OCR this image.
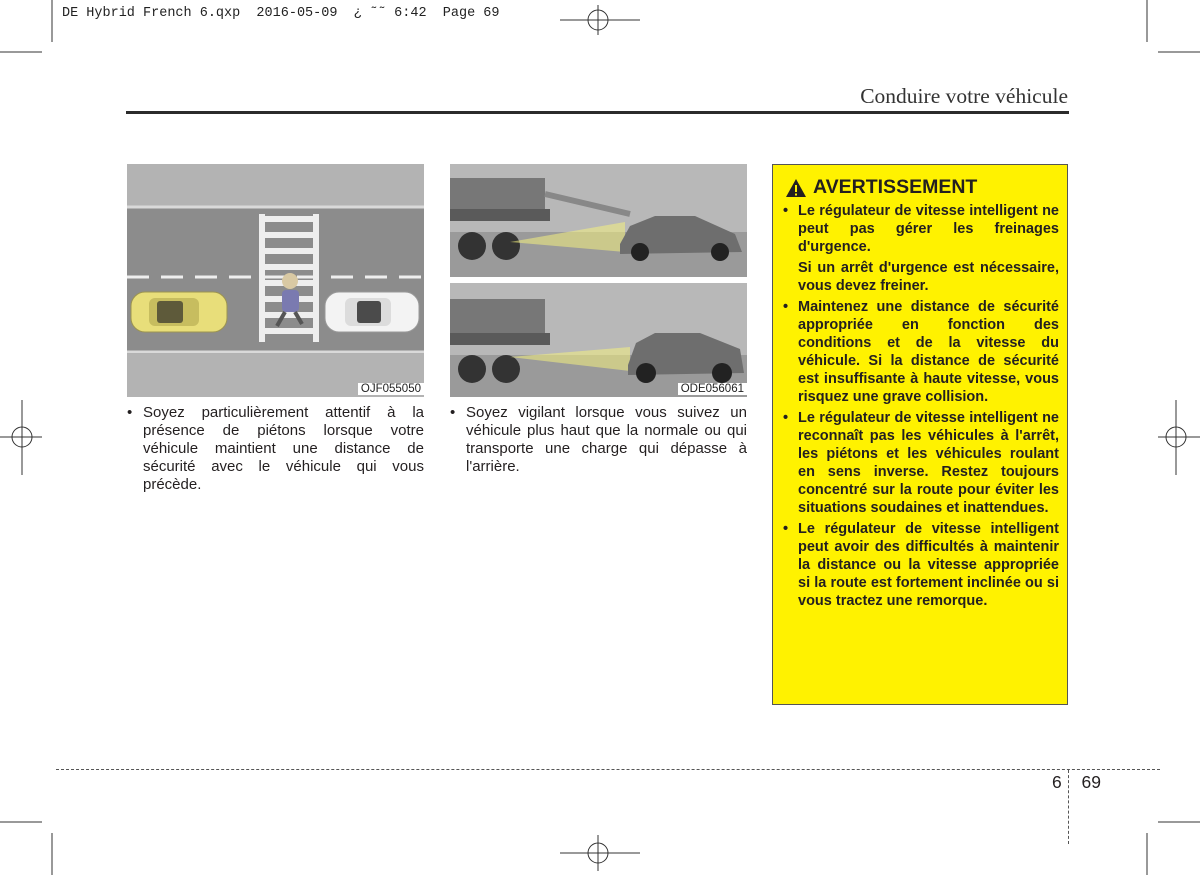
DE Hybrid French 6.qxp  2016-05-09  ¿ ˜˜ 6:42  Page 69
Conduire votre véhicule
OJF055050	ODE056061
• Soyez particulièrement attentif à la présence de piétons lorsque votre véhicule maintient une distance de sécurité avec le véhicule qui vous précède.
• Soyez vigilant lorsque vous suivez un véhicule plus haut que la normale ou qui transporte une charge qui dépasse à l'arrière.
AVERTISSEMENT
• Le régulateur de vitesse intelligent ne peut pas gérer les freinages d'urgence.
Si un arrêt d'urgence est nécessaire, vous devez freiner.
• Maintenez une distance de sécurité appropriée en fonction des conditions et de la vitesse du véhicule. Si la distance de sécurité est insuffisante à haute vitesse, vous risquez une grave collision.
• Le régulateur de vitesse intelligent ne reconnaît pas les véhicules à l'arrêt, les piétons et les véhicules roulant en sens inverse. Restez toujours concentré sur la route pour éviter les situations soudaines et inattendues.
• Le régulateur de vitesse intelligent peut avoir des difficultés à maintenir la distance ou la vitesse appropriée si la route est fortement inclinée ou si vous tractez une remorque.
6 69
